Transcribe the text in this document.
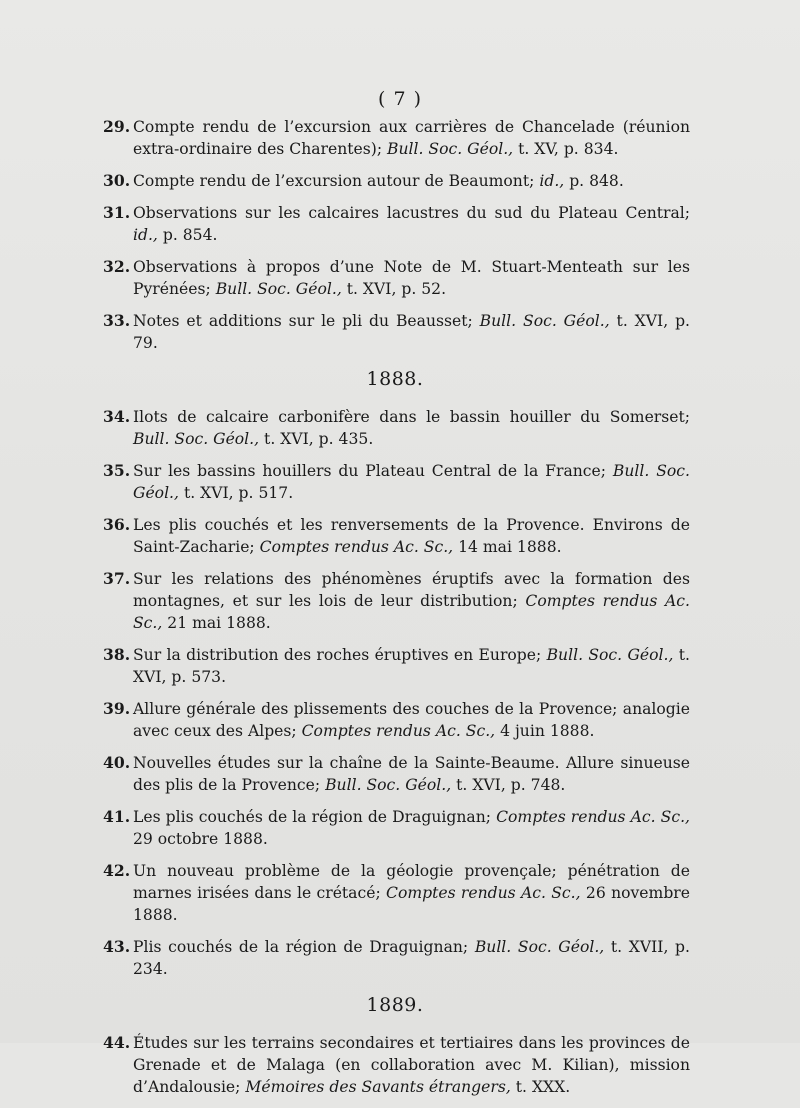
( 7 )
29. Compte rendu de l’excursion aux carrières de Chancelade (réunion extra-ordinaire des Charentes); Bull. Soc. Géol., t. XV, p. 834.
30. Compte rendu de l’excursion autour de Beaumont; id., p. 848.
31. Observations sur les calcaires lacustres du sud du Plateau Central; id., p. 854.
32. Observations à propos d’une Note de M. Stuart-Menteath sur les Pyrénées; Bull. Soc. Géol., t. XVI, p. 52.
33. Notes et additions sur le pli du Beausset; Bull. Soc. Géol., t. XVI, p. 79.
1888.
34. Ilots de calcaire carbonifère dans le bassin houiller du Somerset; Bull. Soc. Géol., t. XVI, p. 435.
35. Sur les bassins houillers du Plateau Central de la France; Bull. Soc. Géol., t. XVI, p. 517.
36. Les plis couchés et les renversements de la Provence. Environs de Saint-Zacharie; Comptes rendus Ac. Sc., 14 mai 1888.
37. Sur les relations des phénomènes éruptifs avec la formation des montagnes, et sur les lois de leur distribution; Comptes rendus Ac. Sc., 21 mai 1888.
38. Sur la distribution des roches éruptives en Europe; Bull. Soc. Géol., t. XVI, p. 573.
39. Allure générale des plissements des couches de la Provence; analogie avec ceux des Alpes; Comptes rendus Ac. Sc., 4 juin 1888.
40. Nouvelles études sur la chaîne de la Sainte-Beaume. Allure sinueuse des plis de la Provence; Bull. Soc. Géol., t. XVI, p. 748.
41. Les plis couchés de la région de Draguignan; Comptes rendus Ac. Sc., 29 octobre 1888.
42. Un nouveau problème de la géologie provençale; pénétration de marnes irisées dans le crétacé; Comptes rendus Ac. Sc., 26 novembre 1888.
43. Plis couchés de la région de Draguignan; Bull. Soc. Géol., t. XVII, p. 234.
1889.
44. Études sur les terrains secondaires et tertiaires dans les provinces de Grenade et de Malaga (en collaboration avec M. Kilian), mission d’Andalousie; Mémoires des Savants étrangers, t. XXX.
